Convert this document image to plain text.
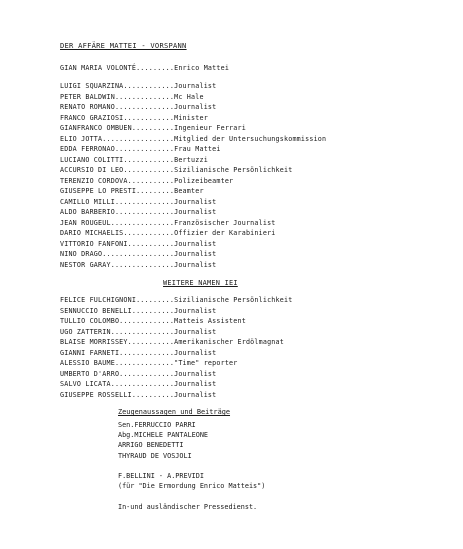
DER AFFÄRE MATTEI - VORSPANN
GIAN MARIA VOLONTÉ.........Enrico Mattei
LUIGI SQUARZINA............Journalist
PETER BALDWIN..............Mc Hale
RENATO ROMANO..............Journalist
FRANCO GRAZIOSI............Minister
GIANFRANCO OMBUEN..........Ingenieur Ferrari
ELIO JOTTA.................Mitglied der Untersuchungskommission
EDDA FERRONAO..............Frau Mattei
LUCIANO COLITTI............Bertuzzi
ACCURSIO DI LEO............Sizilianische Persönlichkeit
TERENZIO CORDOVA...........Polizeibeamter
GIUSEPPE LO PRESTI.........Beamter
CAMILLO MILLI..............Journalist
ALDO BARBERIO..............Journalist
JEAN ROUGEUL...............Französischer Journalist
DARIO MICHAELIS............Offizier der Karabinieri
VITTORIO FANFONI...........Journalist
NINO DRAGO.................Journalist
NESTOR GARAY...............Journalist
WEITERE NAMEN IEI
FELICE FULCHIGNONI.........Sizilianische Persönlichkeit
SENNUCCIO BENELLI..........Journalist
TULLIO COLOMBO.............Matteis Assistent
UGO ZATTERIN...............Journalist
BLAISE MORRISSEY...........Amerikanischer Erdölmagnat
GIANNI FARNETI.............Journalist
ALESSIO BAUME.............."Time" reporter
UMBERTO D'ARRO.............Journalist
SALVO LICATA...............Journalist
GIUSEPPE ROSSELLI..........Journalist
Zeugenaussagen und Beiträge
Sen.FERRUCCIO PARRI
Abg.MICHELE PANTALEONE
ARRIGO BENEDETTI
THYRAUD DE VOSJOLI
F.BELLINI - A.PREVIDI
(für "Die Ermordung Enrico Matteis")
In-und ausländischer Pressedienst.
